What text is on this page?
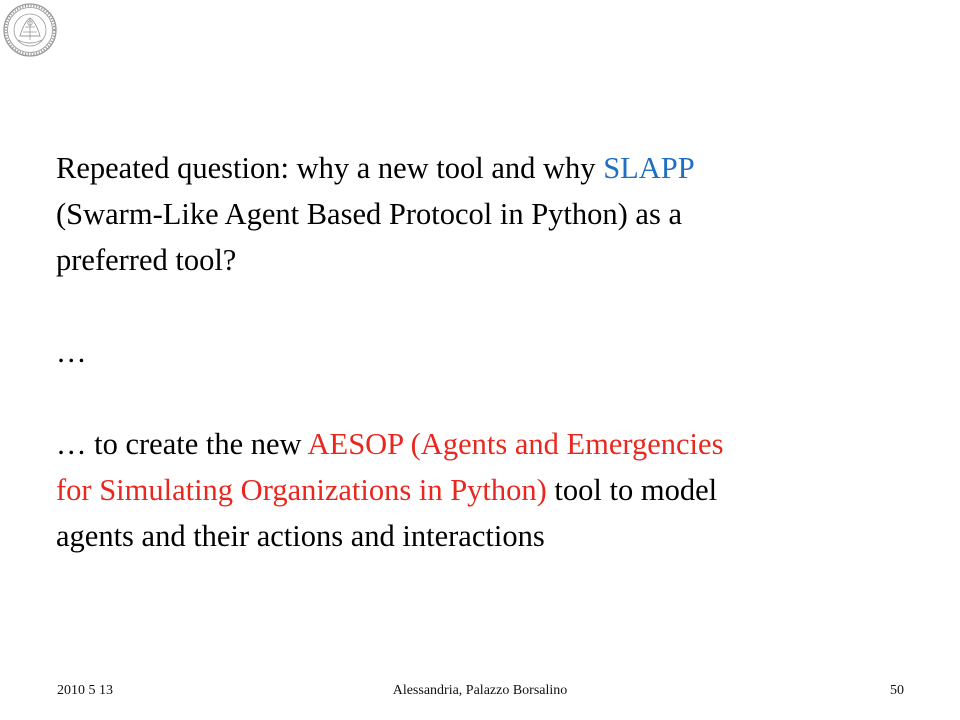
Repeated question: why a new tool and why SLAPP
(Swarm-Like Agent Based Protocol in Python) as a
preferred tool?

…

… to create the new AESOP (Agents and Emergencies
for Simulating Organizations in Python) tool to model
agents and their actions and interactions

2010 5 13	Alessandria, Palazzo Borsalino	50
